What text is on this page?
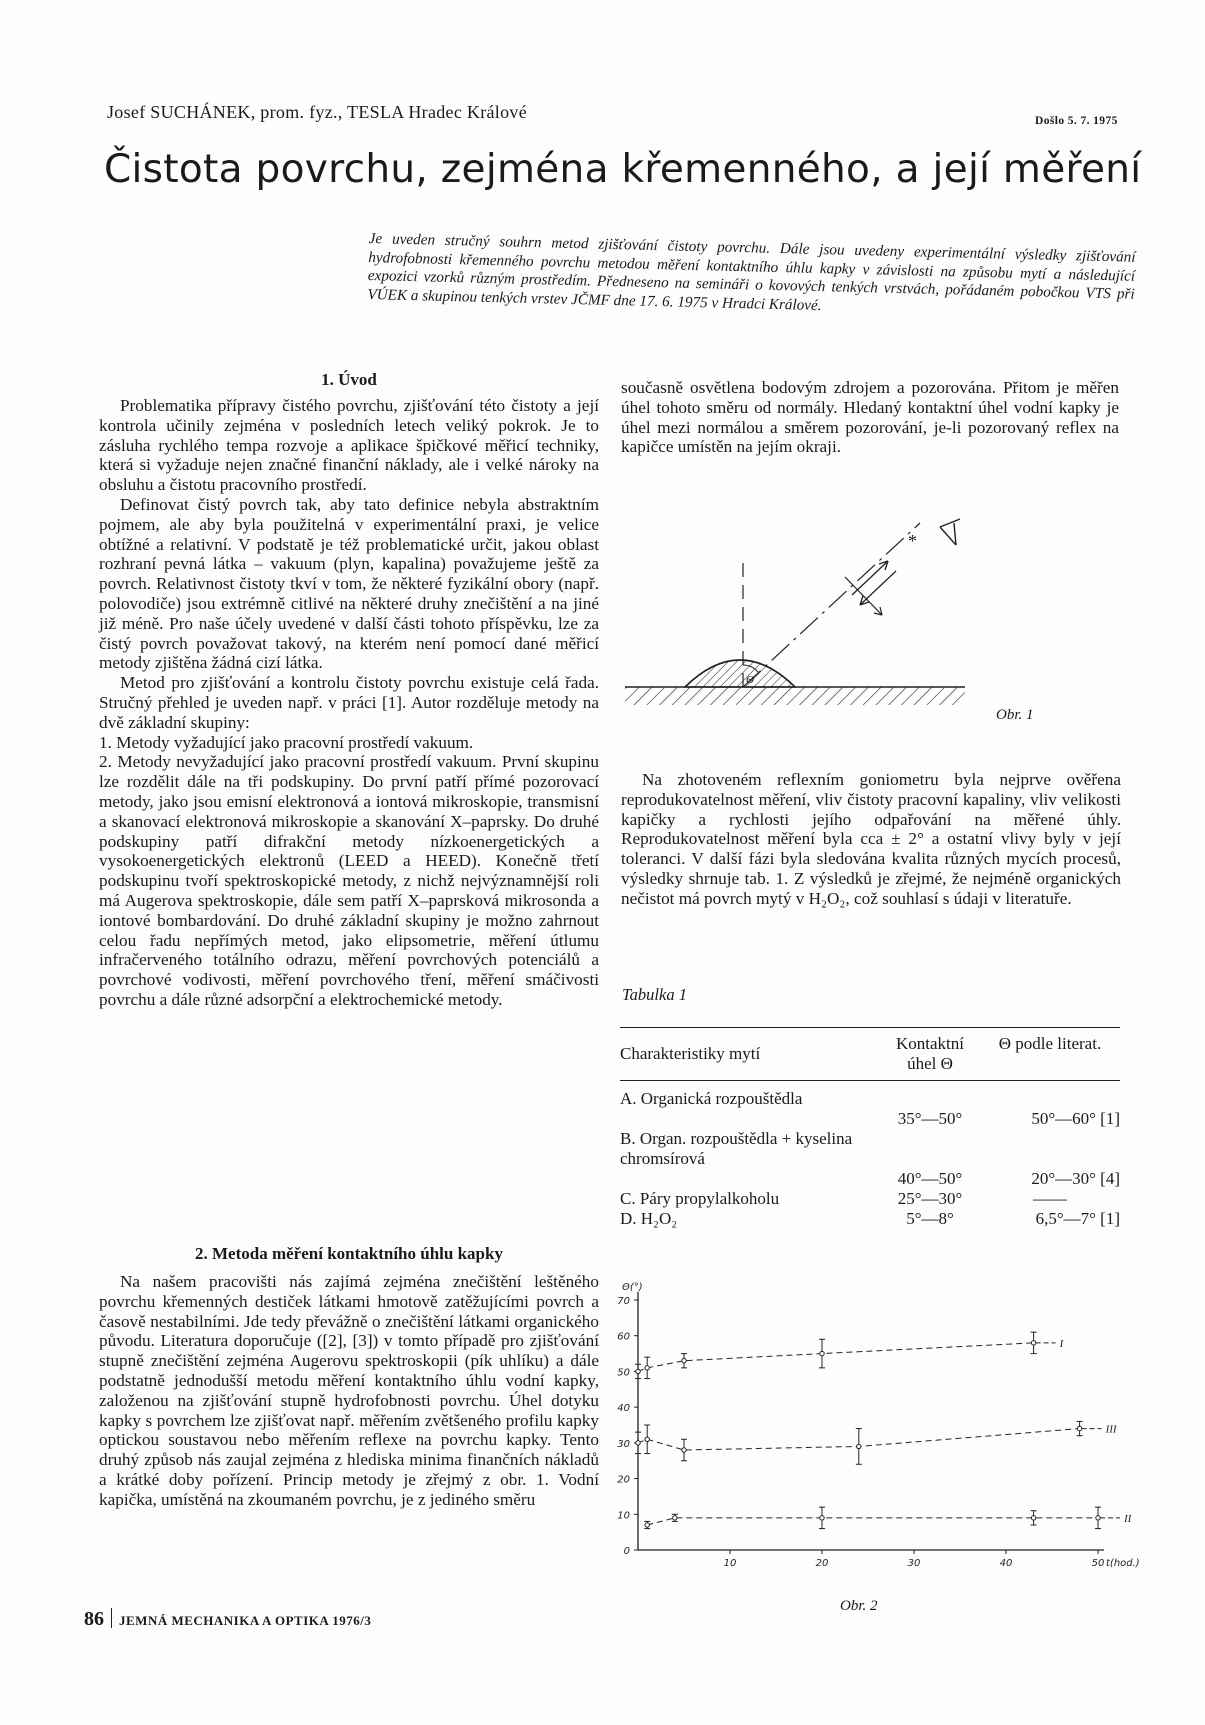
Josef SUCHÁNEK, prom. fyz., TESLA Hradec Králové	Došlo 5. 7. 1975
Čistota povrchu, zejména křemenného, a její měření
Je uveden stručný souhrn metod zjišťování čistoty povrchu. Dále jsou uvedeny experimentální výsledky zjišťování hydrofobnosti křemenného povrchu metodou měření kontaktního úhlu kapky v závislosti na způsobu mytí a následující expozici vzorků různým prostředím. Předneseno na semináři o kovových tenkých vrstvách, pořádaném pobočkou VTS při VÚEK a skupinou tenkých vrstev JČMF dne 17. 6. 1975 v Hradci Králové.
1. Úvod

Problematika přípravy čistého povrchu, zjišťování této čistoty a její kontrola učinily zejména v posledních letech veliký pokrok. Je to zásluha rychlého tempa rozvoje a aplikace špičkové měřicí techniky, která si vyžaduje nejen značné finanční náklady, ale i velké nároky na obsluhu a čistotu pracovního prostředí.

Definovat čistý povrch tak, aby tato definice nebyla abstraktním pojmem, ale aby byla použitelná v experimentální praxi, je velice obtížné a relativní. V podstatě je též problematické určit, jakou oblast rozhraní pevná látka – vakuum (plyn, kapalina) považujeme ještě za povrch. Relativnost čistoty tkví v tom, že některé fyzikální obory (např. polovodiče) jsou extrémně citlivé na některé druhy znečištění a na jiné již méně. Pro naše účely uvedené v další části tohoto příspěvku, lze za čistý povrch považovat takový, na kterém není pomocí dané měřicí metody zjištěna žádná cizí látka.

Metod pro zjišťování a kontrolu čistoty povrchu existuje celá řada. Stručný přehled je uveden např. v práci [1]. Autor rozděluje metody na dvě základní skupiny:

1. Metody vyžadující jako pracovní prostředí vakuum.

2. Metody nevyžadující jako pracovní prostředí vakuum. První skupinu lze rozdělit dále na tři podskupiny. Do první patří přímé pozorovací metody, jako jsou emisní elektronová a iontová mikroskopie, transmisní a skanovací elektronová mikroskopie a skanování X–paprsky. Do druhé podskupiny patří difrakční metody nízkoenergetických a vysokoenergetických elektronů (LEED a HEED). Konečně třetí podskupinu tvoří spektroskopické metody, z nichž nejvýznamnější roli má Augerova spektroskopie, dále sem patří X–paprsková mikrosonda a iontové bombardování. Do druhé základní skupiny je možno zahrnout celou řadu nepřímých metod, jako elipsometrie, měření útlumu infračerveného totálního odrazu, měření povrchových potenciálů a povrchové vodivosti, měření povrchového tření, měření smáčivosti povrchu a dále různé adsorpční a elektrochemické metody.

2. Metoda měření kontaktního úhlu kapky

Na našem pracovišti nás zajímá zejména znečištění leštěného povrchu křemenných destiček látkami hmotově zatěžujícími povrch a časově nestabilními. Jde tedy převážně o znečištění látkami organického původu. Literatura doporučuje ([2], [3]) v tomto případě pro zjišťování stupně znečištění zejména Augerovu spektroskopii (pík uhlíku) a dále podstatně jednodušší metodu měření kontaktního úhlu vodní kapky, založenou na zjišťování stupně hydrofobnosti povrchu. Úhel dotyku kapky s povrchem lze zjišťovat např. měřením zvětšeného profilu kapky optickou soustavou nebo měřením reflexe na povrchu kapky. Tento druhý způsob nás zaujal zejména z hlediska minima finančních nákladů a krátké doby pořízení. Princip metody je zřejmý z obr. 1. Vodní kapička, umístěná na zkoumaném povrchu, je z jediného směru

současně osvětlena bodovým zdrojem a pozorována. Přitom je měřen úhel tohoto směru od normály. Hledaný kontaktní úhel vodní kapky je úhel mezi normálou a směrem pozorování, je-li pozorovaný reflex na kapičce umístěn na jejím okraji.

*
Θ
Obr. 1

Na zhotoveném reflexním goniometru byla nejprve ověřena reprodukovatelnost měření, vliv čistoty pracovní kapaliny, vliv velikosti kapičky a rychlosti jejího odpařování na měřené úhly. Reprodukovatelnost měření byla cca ± 2° a ostatní vlivy byly v její toleranci. V další fázi byla sledována kvalita různých mycích procesů, výsledky shrnuje tab. 1. Z výsledků je zřejmé, že nejméně organických nečistot má povrch mytý v H₂O₂, což souhlasí s údaji v literatuře.

Tabulka 1
Charakteristiky mytí	Kontaktní úhel Θ	Θ podle literat.
A. Organická rozpouštědla	35°—50°	50°—60° [1]
B. Organ. rozpouštědla + kyselina chromsírová	40°—50°	20°—30° [4]
C. Páry propylalkoholu	25°—30°	——
D. H₂O₂	5°—8°	6,5°—7° [1]
0
10
20
30
40
50
60
70
10	20	30	40	50
Θ(°)
t(hod.)
I
III
II
Obr. 2
86 JEMNÁ MECHANIKA A OPTIKA 1976/3
